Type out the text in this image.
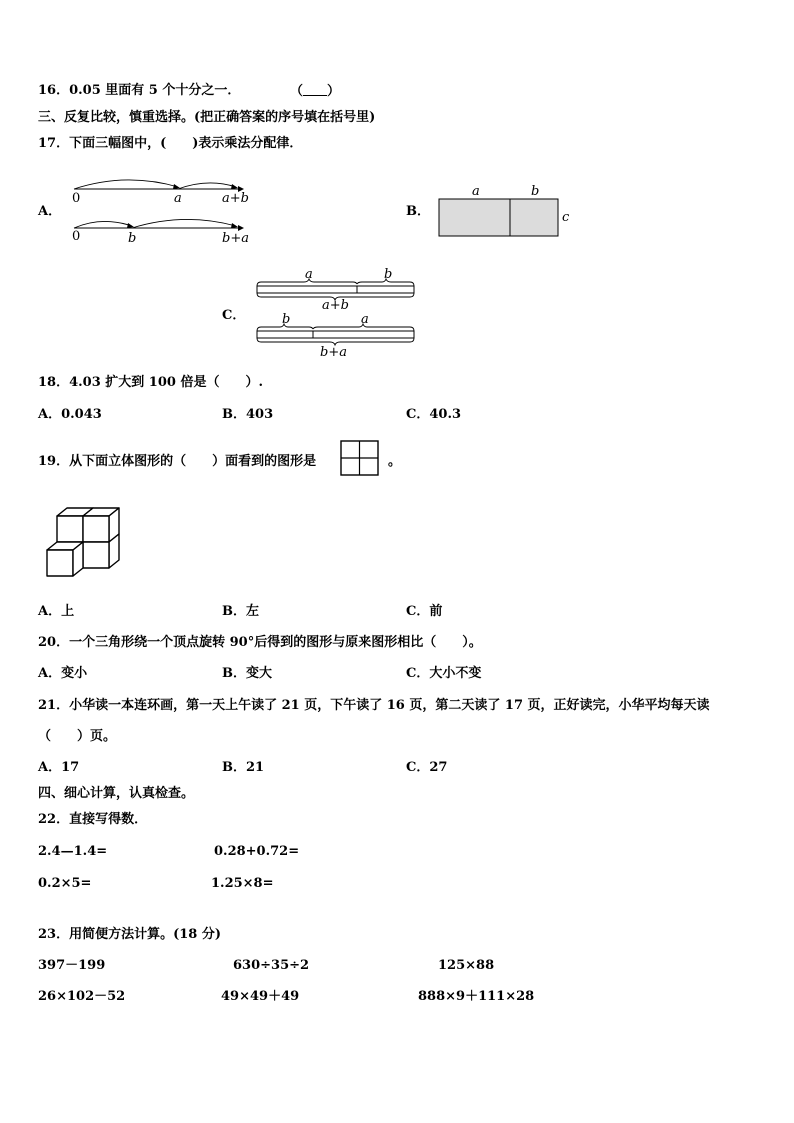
16．0.05 里面有 5 个十分之一．	（ ）
三、反复比较，慎重选择。(把正确答案的序号填在括号里)
17．下面三幅图中，(　　)表示乘法分配律．
A．
0	a	a+b
0	b	b+a
B．
a	b
c
C．
a	b
a+b
b	a
b+a
18．4.03 扩大到 100 倍是（　　）.
A．0.043	B．403	C．40.3
19．从下面立体图形的（　　）面看到的图形是	。
A．上	B．左	C．前
20．一个三角形绕一个顶点旋转 90°后得到的图形与原来图形相比（　　）。
A．变小	B．变大	C．大小不变
21．小华读一本连环画，第一天上午读了 21 页，下午读了 16 页，第二天读了 17 页，正好读完，小华平均每天读
（　　）页。
A．17	B．21	C．27
四、细心计算，认真检查。
22．直接写得数．
2.4—1.4=	0.28+0.72=
0.2×5=	1.25×8=
23．用简便方法计算。(18 分)
397－199	630÷35÷2	125×88
26×102－52	49×49＋49	888×9＋111×28
